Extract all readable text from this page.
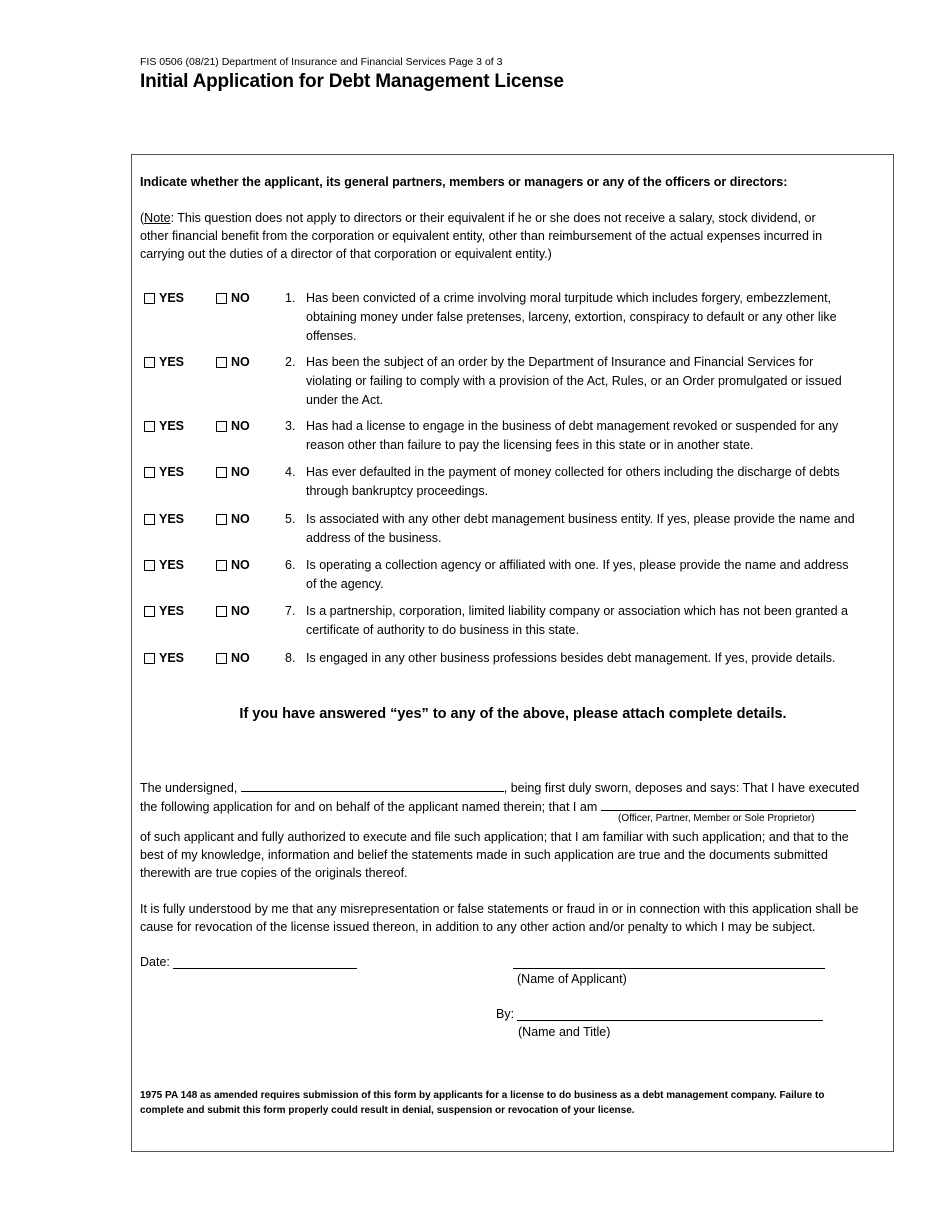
FIS 0506 (08/21) Department of Insurance and Financial Services Page 3 of 3
Initial Application for Debt Management License
Indicate whether the applicant, its general partners, members or managers or any of the officers or directors:
(Note: This question does not apply to directors or their equivalent if he or she does not receive a salary, stock dividend, or other financial benefit from the corporation or equivalent entity, other than reimbursement of the actual expenses incurred in carrying out the duties of a director of that corporation or equivalent entity.)
YES	NO	1. Has been convicted of a crime involving moral turpitude which includes forgery, embezzlement, obtaining money under false pretenses, larceny, extortion, conspiracy to default or any other like offenses.
YES	NO	2. Has been the subject of an order by the Department of Insurance and Financial Services for violating or failing to comply with a provision of the Act, Rules, or an Order promulgated or issued under the Act.
YES	NO	3. Has had a license to engage in the business of debt management revoked or suspended for any reason other than failure to pay the licensing fees in this state or in another state.
YES	NO	4. Has ever defaulted in the payment of money collected for others including the discharge of debts through bankruptcy proceedings.
YES	NO	5. Is associated with any other debt management business entity. If yes, please provide the name and address of the business.
YES	NO	6. Is operating a collection agency or affiliated with one. If yes, please provide the name and address of the agency.
YES	NO	7. Is a partnership, corporation, limited liability company or association which has not been granted a certificate of authority to do business in this state.
YES	NO	8. Is engaged in any other business professions besides debt management. If yes, provide details.
If you have answered “yes” to any of the above, please attach complete details.
The undersigned,	, being first duly sworn, deposes and says: That I have executed the following application for and on behalf of the applicant named therein; that I am
(Officer, Partner, Member or Sole Proprietor)
of such applicant and fully authorized to execute and file such application; that I am familiar with such application; and that to the best of my knowledge, information and belief the statements made in such application are true and the documents submitted therewith are true copies of the originals thereof.
It is fully understood by me that any misrepresentation or false statements or fraud in or in connection with this application shall be cause for revocation of the license issued thereon, in addition to any other action and/or penalty to which I may be subject.
Date:
(Name of Applicant)
By:
(Name and Title)
1975 PA 148 as amended requires submission of this form by applicants for a license to do business as a debt management company. Failure to complete and submit this form properly could result in denial, suspension or revocation of your license.
